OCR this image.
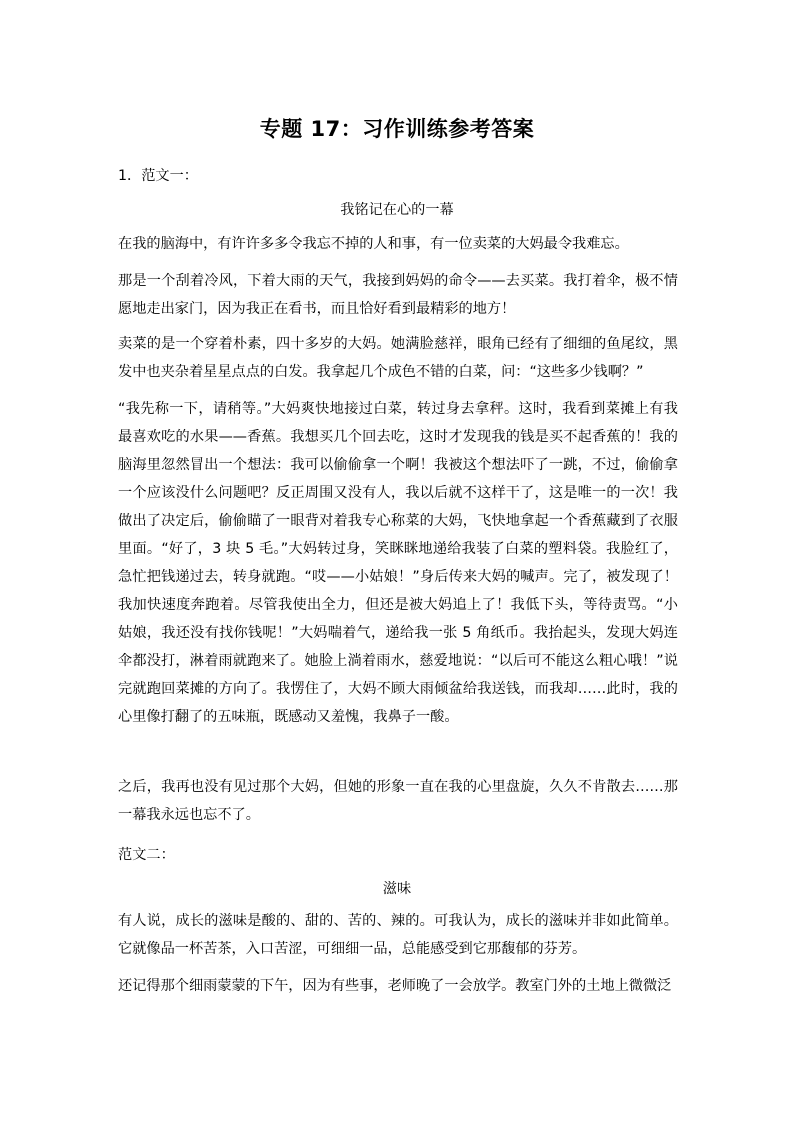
专题 17：习作训练参考答案
1．范文一：
我铭记在心的一幕

在我的脑海中，有许许多多令我忘不掉的人和事，有一位卖菜的大妈最令我难忘。

那是一个刮着冷风，下着大雨的天气，我接到妈妈的命令——去买菜。我打着伞，极不情愿地走出家门，因为我正在看书，而且恰好看到最精彩的地方！

卖菜的是一个穿着朴素，四十多岁的大妈。她满脸慈祥，眼角已经有了细细的鱼尾纹，黑发中也夹杂着星星点点的白发。我拿起几个成色不错的白菜，问：“这些多少钱啊？”

“我先称一下，请稍等。”大妈爽快地接过白菜，转过身去拿秤。这时，我看到菜摊上有我最喜欢吃的水果——香蕉。我想买几个回去吃，这时才发现我的钱是买不起香蕉的！我的脑海里忽然冒出一个想法：我可以偷偷拿一个啊！我被这个想法吓了一跳，不过，偷偷拿一个应该没什么问题吧？反正周围又没有人，我以后就不这样干了，这是唯一的一次！我做出了决定后，偷偷瞄了一眼背对着我专心称菜的大妈，飞快地拿起一个香蕉藏到了衣服里面。“好了，3 块 5 毛。”大妈转过身，笑眯眯地递给我装了白菜的塑料袋。我脸红了，急忙把钱递过去，转身就跑。“哎——小姑娘！”身后传来大妈的喊声。完了，被发现了！我加快速度奔跑着。尽管我使出全力，但还是被大妈追上了！我低下头，等待责骂。“小姑娘，我还没有找你钱呢！”大妈喘着气，递给我一张 5 角纸币。我抬起头，发现大妈连伞都没打，淋着雨就跑来了。她脸上淌着雨水，慈爱地说：“以后可不能这么粗心哦！”说完就跑回菜摊的方向了。我愣住了，大妈不顾大雨倾盆给我送钱，而我却……此时，我的心里像打翻了的五味瓶，既感动又羞愧，我鼻子一酸。

之后，我再也没有见过那个大妈，但她的形象一直在我的心里盘旋，久久不肯散去……那一幕我永远也忘不了。

范文二：
滋味

有人说，成长的滋味是酸的、甜的、苦的、辣的。可我认为，成长的滋味并非如此简单。它就像品一杯苦茶，入口苦涩，可细细一品，总能感受到它那馥郁的芬芳。

还记得那个细雨蒙蒙的下午，因为有些事，老师晚了一会放学。教室门外的土地上微微泛
